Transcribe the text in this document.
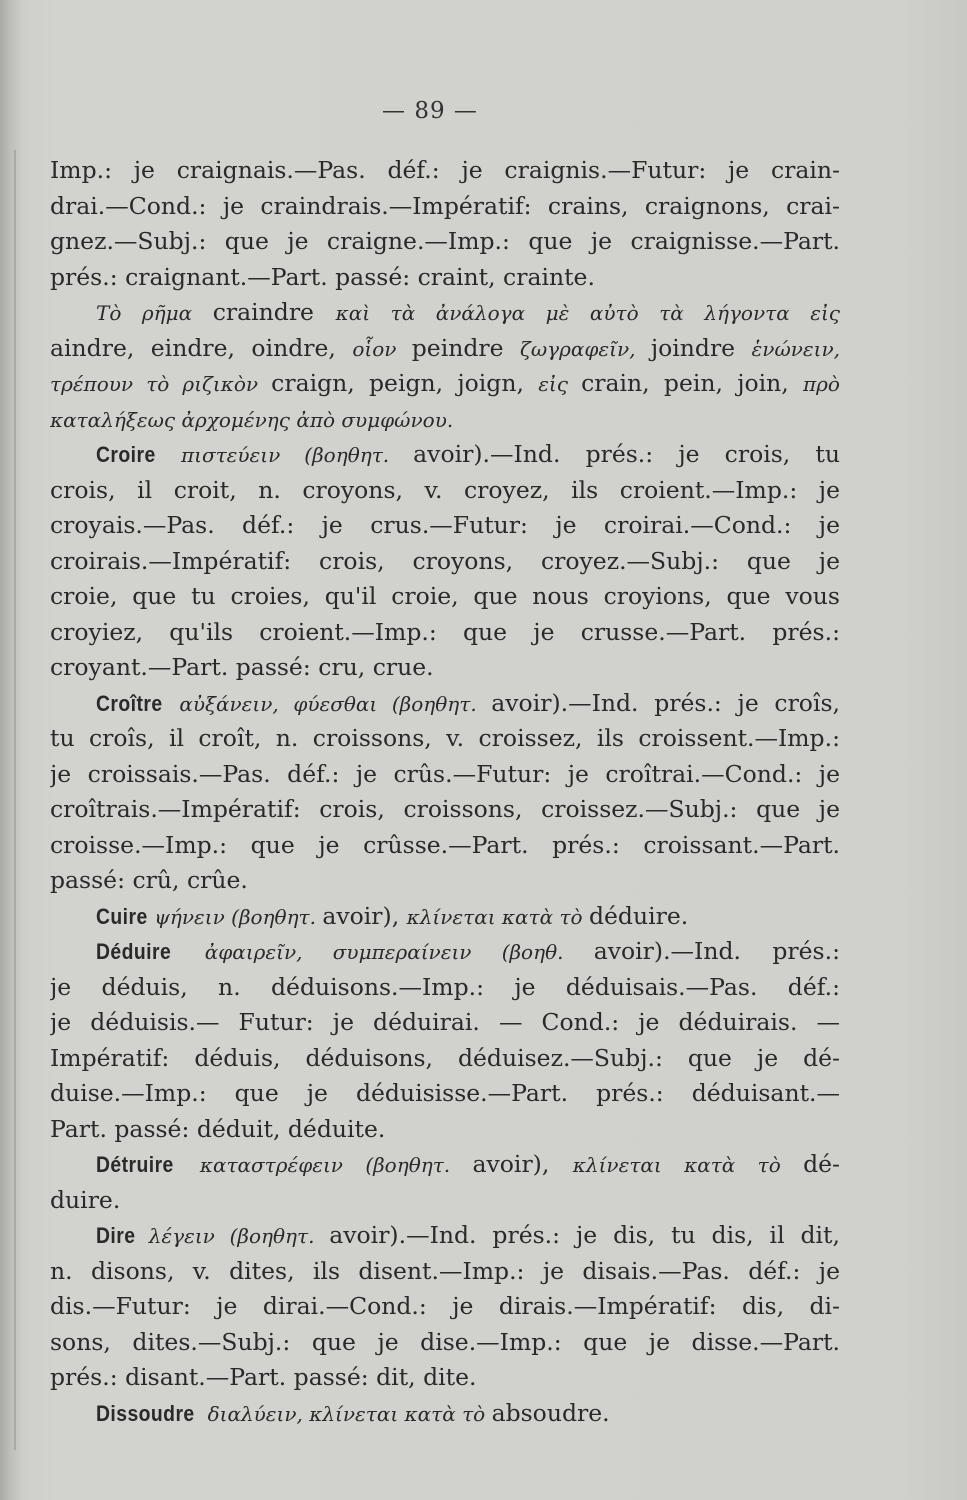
— 89 —
Imp.: je craignais.—Pas. déf.: je craignis.—Futur: je crain-
drai.—Cond.: je craindrais.—Impératif: crains, craignons, crai-
gnez.—Subj.: que je craigne.—Imp.: que je craignisse.—Part.
prés.: craignant.—Part. passé: craint, crainte.
Τὸ ρῆμα craindre καὶ τὰ ἀνάλογα μὲ αὐτὸ τὰ λήγοντα εἰς
aindre, eindre, oindre, οἷον peindre ζωγραφεῖν, joindre ἑνώνειν,
τρέπουν τὸ ριζικὸν craign, peign, joign, εἰς crain, pein, join, πρὸ
καταλήξεως ἀρχομένης ἀπὸ συμφώνου.
Croire πιστεύειν (βοηθητ. avoir).—Ind. prés.: je crois, tu
crois, il croit, n. croyons, v. croyez, ils croient.—Imp.: je
croyais.—Pas. déf.: je crus.—Futur: je croirai.—Cond.: je
croirais.—Impératif: crois, croyons, croyez.—Subj.: que je
croie, que tu croies, qu'il croie, que nous croyions, que vous
croyiez, qu'ils croient.—Imp.: que je crusse.—Part. prés.:
croyant.—Part. passé: cru, crue.
Croître αὐξάνειν, φύεσθαι (βοηθητ. avoir).—Ind. prés.: je croîs,
tu croîs, il croît, n. croissons, v. croissez, ils croissent.—Imp.:
je croissais.—Pas. déf.: je crûs.—Futur: je croîtrai.—Cond.: je
croîtrais.—Impératif: crois, croissons, croissez.—Subj.: que je
croisse.—Imp.: que je crûsse.—Part. prés.: croissant.—Part.
passé: crû, crûe.
Cuire ψήνειν (βοηθητ. avoir), κλίνεται κατὰ τὸ déduire.
Déduire ἀφαιρεῖν, συμπεραίνειν (βοηθ. avoir).—Ind. prés.:
je déduis, n. déduisons.—Imp.: je déduisais.—Pas. déf.:
je déduisis.— Futur: je déduirai. — Cond.: je déduirais. —
Impératif: déduis, déduisons, déduisez.—Subj.: que je dé-
duise.—Imp.: que je déduisisse.—Part. prés.: déduisant.—
Part. passé: déduit, déduite.
Détruire καταστρέφειν (βοηθητ. avoir), κλίνεται κατὰ τὸ dé-
duire.
Dire λέγειν (βοηθητ. avoir).—Ind. prés.: je dis, tu dis, il dit,
n. disons, v. dites, ils disent.—Imp.: je disais.—Pas. déf.: je
dis.—Futur: je dirai.—Cond.: je dirais.—Impératif: dis, di-
sons, dites.—Subj.: que je dise.—Imp.: que je disse.—Part.
prés.: disant.—Part. passé: dit, dite.
Dissoudre διαλύειν, κλίνεται κατὰ τὸ absoudre.
